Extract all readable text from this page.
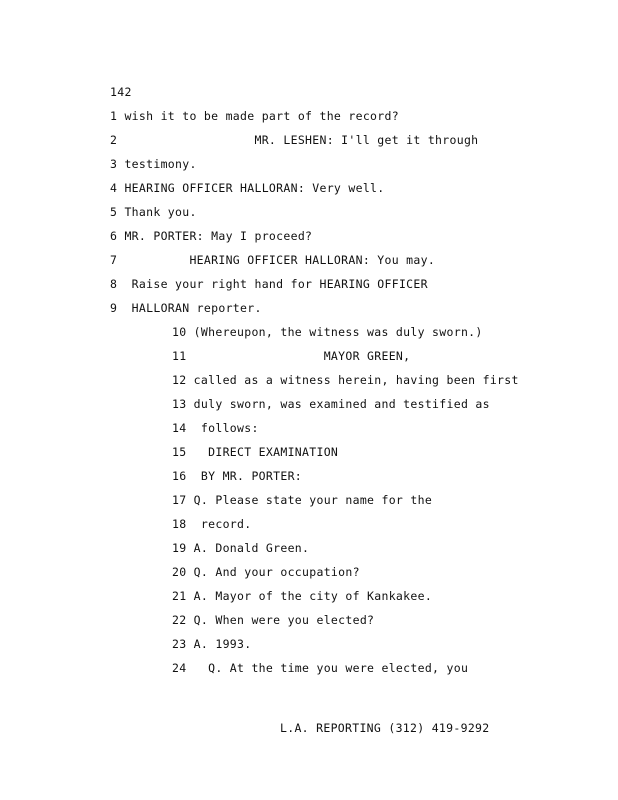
142
1 wish it to be made part of the record?
2                   MR. LESHEN: I'll get it through
3 testimony.
4 HEARING OFFICER HALLORAN: Very well.
5 Thank you.
6 MR. PORTER: May I proceed?
7          HEARING OFFICER HALLORAN: You may.
8  Raise your right hand for HEARING OFFICER
9  HALLORAN reporter.
10 (Whereupon, the witness was duly sworn.)
11                   MAYOR GREEN,
12 called as a witness herein, having been first
13 duly sworn, was examined and testified as
14  follows:
15   DIRECT EXAMINATION
16  BY MR. PORTER:
17 Q. Please state your name for the
18  record.
19 A. Donald Green.
20 Q. And your occupation?
21 A. Mayor of the city of Kankakee.
22 Q. When were you elected?
23 A. 1993.
24   Q. At the time you were elected, you
L.A. REPORTING (312) 419-9292
